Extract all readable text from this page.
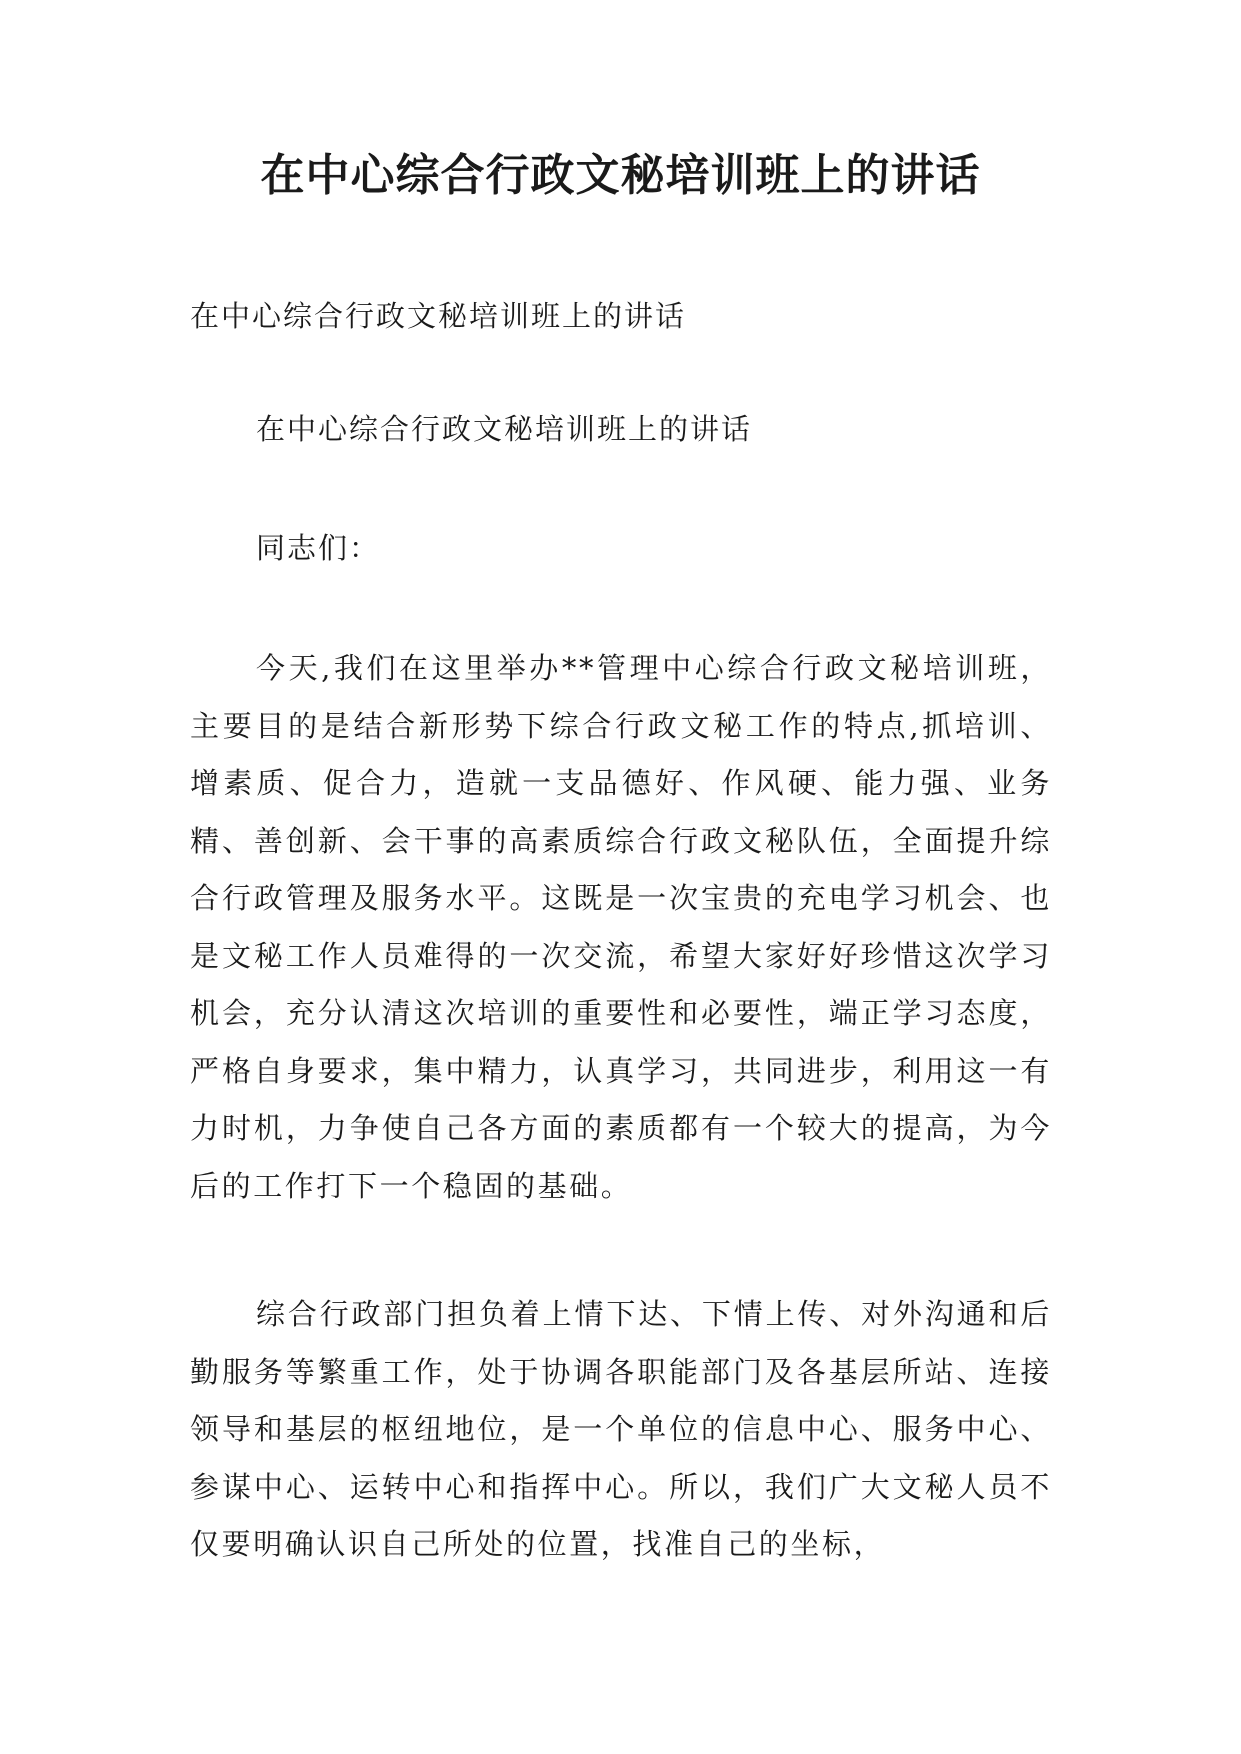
在中心综合行政文秘培训班上的讲话

在中心综合行政文秘培训班上的讲话

在中心综合行政文秘培训班上的讲话

同志们：

今天,我们在这里举办**管理中心综合行政文秘培训班，主要目的是结合新形势下综合行政文秘工作的特点,抓培训、增素质、促合力，造就一支品德好、作风硬、能力强、业务精、善创新、会干事的高素质综合行政文秘队伍，全面提升综合行政管理及服务水平。这既是一次宝贵的充电学习机会、也是文秘工作人员难得的一次交流，希望大家好好珍惜这次学习机会，充分认清这次培训的重要性和必要性，端正学习态度，严格自身要求，集中精力，认真学习，共同进步，利用这一有力时机，力争使自己各方面的素质都有一个较大的提高，为今后的工作打下一个稳固的基础。

综合行政部门担负着上情下达、下情上传、对外沟通和后勤服务等繁重工作，处于协调各职能部门及各基层所站、连接领导和基层的枢纽地位，是一个单位的信息中心、服务中心、参谋中心、运转中心和指挥中心。所以，我们广大文秘人员不仅要明确认识自己所处的位置，找准自己的坐标，
